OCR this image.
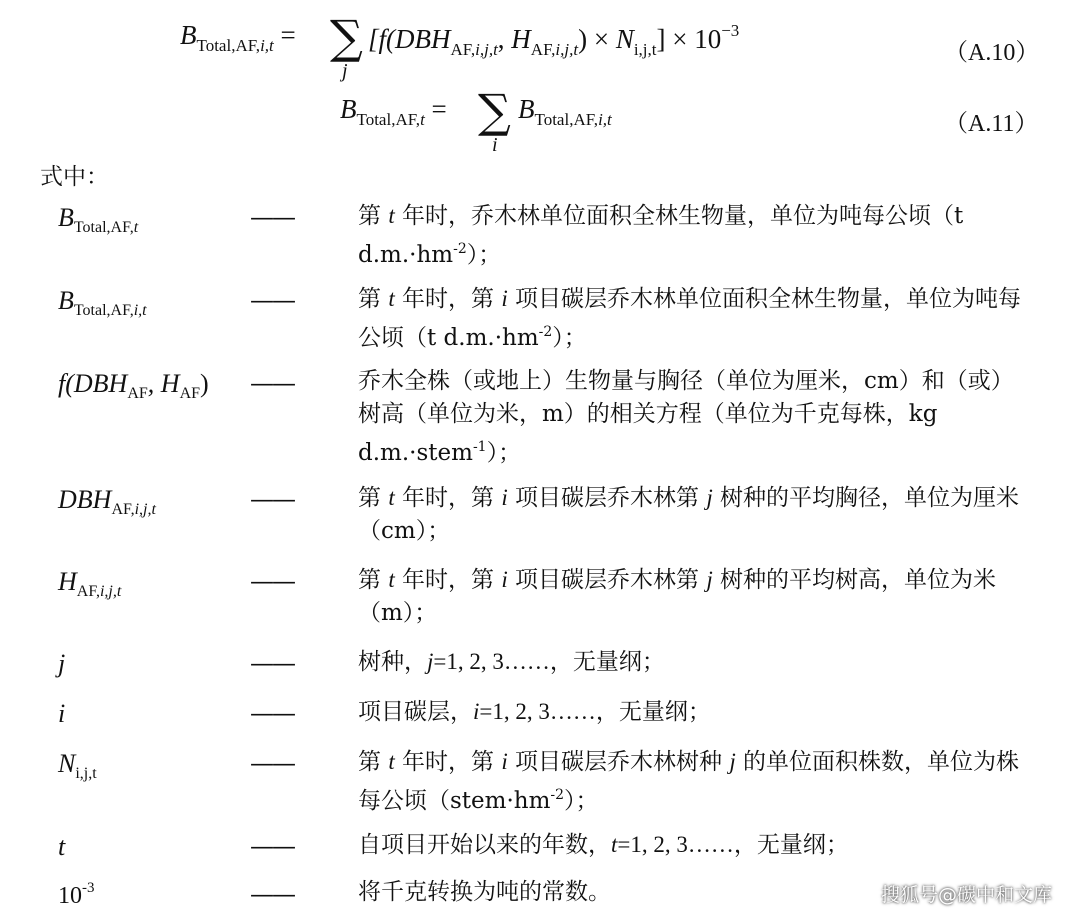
$B_{Total,AF,i,t}$ = ∑
j
[$f(DBH_{AF,i,j,t}$, $H_{AF,i,j,t}) \times N_{i,j,t}] \times 10^{-3}$
（A.10）
$B_{Total,AF,t}$ = ∑
i
$B_{Total,AF,i,t}$	（A.11）
式中：
$B_{Total,AF,t}$	——	第 t 年时，乔木林单位面积全林生物量，单位为吨每公顷（t $d.m.\cdot hm^{-2}$）；
$B_{Total,AF,i,t}$	——	第 t 年时，第 i 项目碳层乔木林单位面积全林生物量，单位为吨每公顷（t $d.m.\cdot hm^{-2}$）；
$f(DBH_{AF}$, $H_{AF}$) ——	乔木全株（或地上）生物量与胸径（单位为厘米，cm）和（或）树高（单位为米，m）的相关方程（单位为千克每株，kg d.m.·stem$^{-1}$）；
$DBH_{AF,i,j,t}$	——	第 t 年时，第 i 项目碳层乔木林第 j 树种的平均胸径，单位为厘米（cm）；
$H_{AF,i,j,t}$	——	第 t 年时，第 i 项目碳层乔木林第 j 树种的平均树高，单位为米（m）；
j	——	树种，j=1, 2, 3……，无量纲；
i	——	项目碳层，i=1, 2, 3……，无量纲；
$N_{i,j,t}$	——	第 t 年时，第 i 项目碳层乔木林树种 j 的单位面积株数，单位为株每公顷$(stem\cdot hm^{-2})$；
t	——	自项目开始以来的年数，t=1, 2, 3……，无量纲；
$10^{-3}$	——	将千克转换为吨的常数。	搜狐号@碳中和文库
